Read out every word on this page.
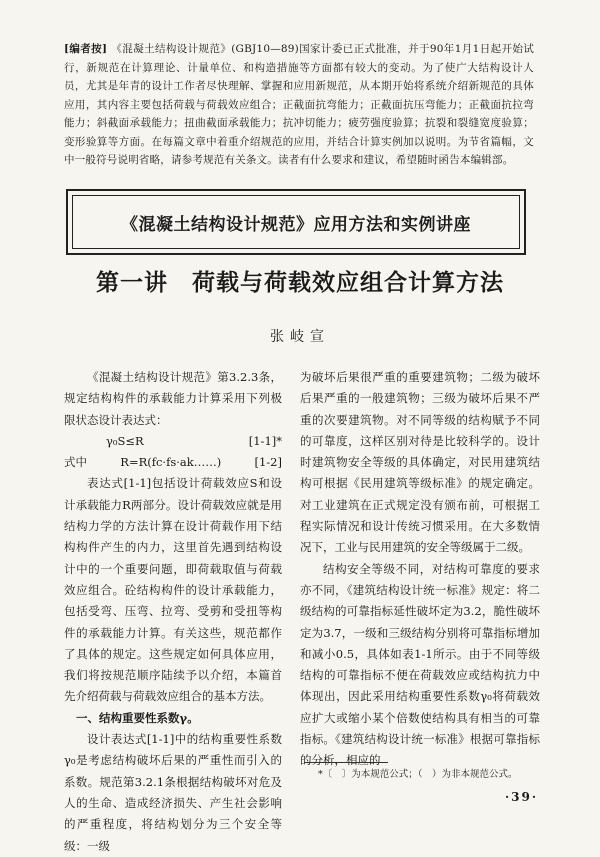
[编者按] 《混凝土结构设计规范》(GBJ10—89)国家计委已正式批准，并于90年1月1日起开始试行，新规范在计算理论、计量单位、和构造措施等方面都有较大的变动。为了使广大结构设计人员，尤其是年青的设计工作者尽快理解、掌握和应用新规范，从本期开始将系统介绍新规范的具体应用，其内容主要包括荷载与荷载效应组合；正截面抗弯能力；正截面抗压弯能力；正截面抗拉弯能力；斜截面承载能力；扭曲截面承载能力；抗冲切能力；疲劳强度验算；抗裂和裂缝宽度验算；变形验算等方面。在每篇文章中着重介绍规范的应用，并结合计算实例加以说明。为节省篇幅，文中一般符号说明省略，请参考规范有关条文。读者有什么要求和建议，希望随时函告本编辑部。
《混凝土结构设计规范》应用方法和实例讲座
第一讲　荷载与荷载效应组合计算方法
张岐宣

《混凝土结构设计规范》第3.2.3条，规定结构构件的承载能力计算采用下列极限状态设计表达式：

γ₀S≤R	[1-1]*
式中	R=R(fc·fs·ak……)	[1-2]

表达式[1-1]包括设计荷载效应S和设计承载能力R两部分。设计荷载效应就是用结构力学的方法计算在设计荷载作用下结构构件产生的内力，这里首先遇到结构设计中的一个重要问题，即荷载取值与荷载效应组合。砼结构构件的设计承载能力，包括受弯、压弯、拉弯、受剪和受扭等构件的承载能力计算。有关这些，规范都作了具体的规定。这些规定如何具体应用，我们将按规范顺序陆续予以介绍，本篇首先介绍荷载与荷载效应组合的基本方法。

一、结构重要性系数γ。

设计表达式[1-1]中的结构重要性系数γ₀是考虑结构破坏后果的严重性而引入的系数。规范第3.2.1条根据结构破坏对危及人的生命、造成经济损失、产生社会影响的严重程度，将结构划分为三个安全等级：一级

为破坏后果很严重的重要建筑物；二级为破坏后果严重的一般建筑物；三级为破坏后果不严重的次要建筑物。对不同等级的结构赋予不同的可靠度，这样区别对待是比较科学的。设计时建筑物安全等级的具体确定，对民用建筑结构可根据《民用建筑等级标准》的规定确定。对工业建筑在正式规定没有颁布前，可根据工程实际情况和设计传统习惯采用。在大多数情况下，工业与民用建筑的安全等级属于二级。

结构安全等级不同，对结构可靠度的要求亦不同，《建筑结构设计统一标准》规定：将二级结构的可靠指标延性破坏定为3.2，脆性破坏定为3.7，一级和三级结构分别将可靠指标增加和减小0.5，具体如表1-1所示。由于不同等级结构的可靠指标不便在荷载效应或结构抗力中体现出，因此采用结构重要性系数γ₀将荷载效应扩大或缩小某个倍数使结构具有相当的可靠指标。《建筑结构设计统一标准》根据可靠指标的分析，相应的

*〔　〕为本规范公式；（　）为非本规范公式。
·39·
